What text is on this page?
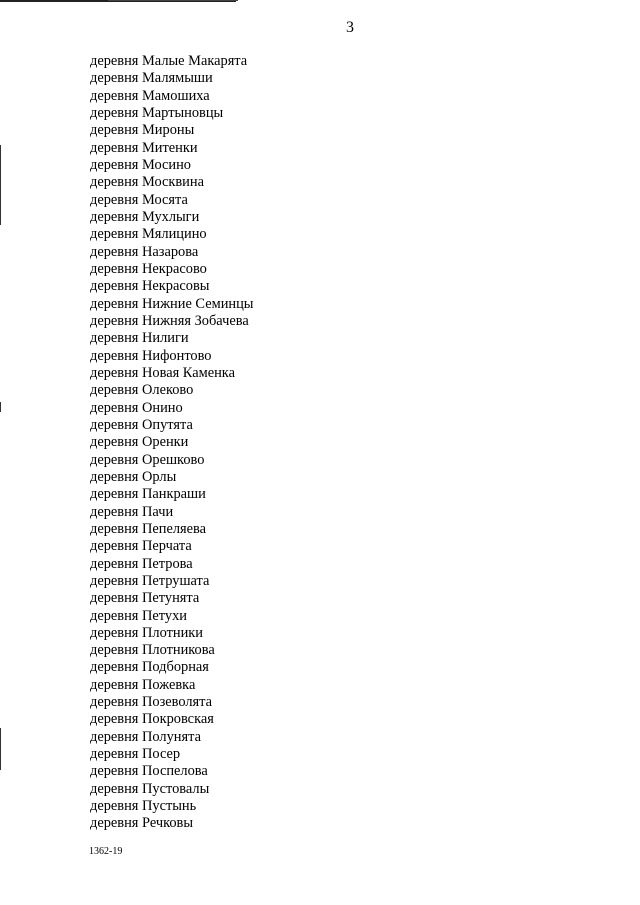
3
деревня Малые Макарята
деревня Малямыши
деревня Мамошиха
деревня Мартыновцы
деревня Мироны
деревня Митенки
деревня Мосино
деревня Москвина
деревня Мосята
деревня Мухлыги
деревня Мялицино
деревня Назарова
деревня Некрасово
деревня Некрасовы
деревня Нижние Семинцы
деревня Нижняя Зобачева
деревня Нилиги
деревня Нифонтово
деревня Новая Каменка
деревня Олеково
деревня Онино
деревня Опутята
деревня Оренки
деревня Орешково
деревня Орлы
деревня Панкраши
деревня Пачи
деревня Пепеляева
деревня Перчата
деревня Петрова
деревня Петрушата
деревня Петунята
деревня Петухи
деревня Плотники
деревня Плотникова
деревня Подборная
деревня Пожевка
деревня Позеволята
деревня Покровская
деревня Полунята
деревня Посер
деревня Поспелова
деревня Пустовалы
деревня Пустынь
деревня Речковы
1362-19
